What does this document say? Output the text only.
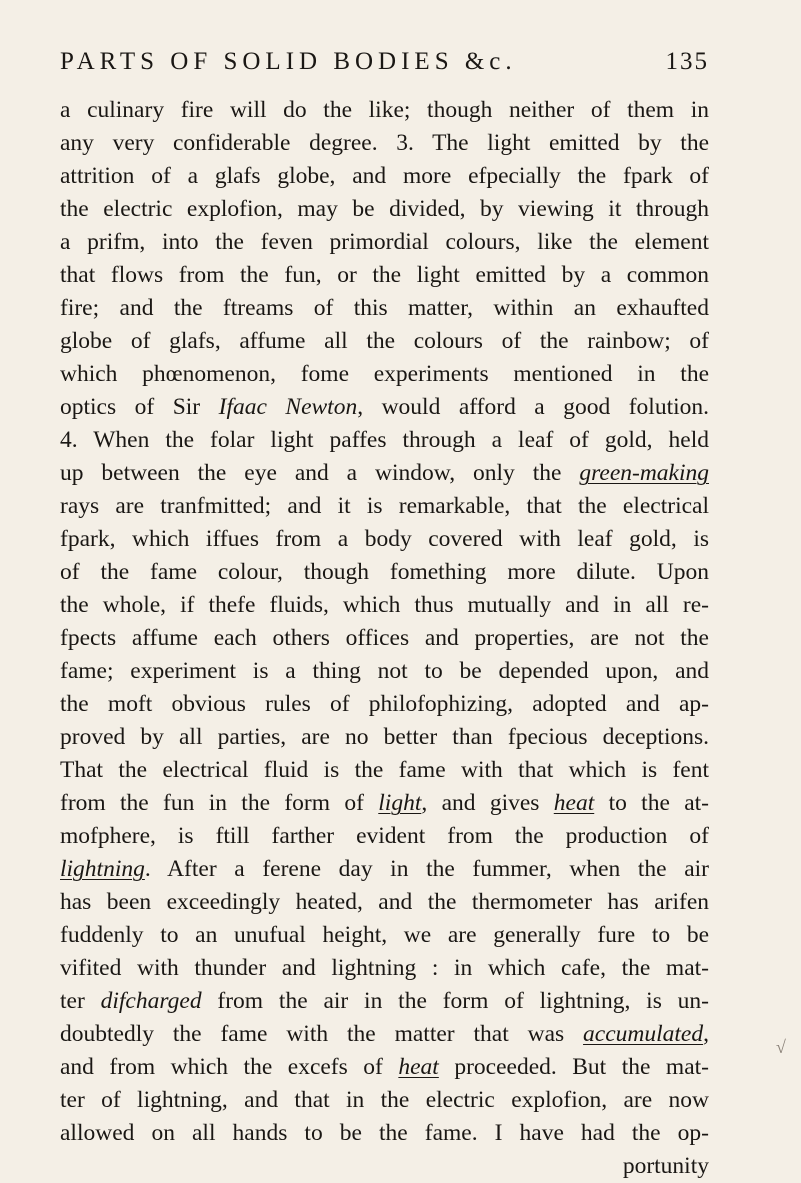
PARTS OF SOLID BODIES &c.	135
a culinary fire will do the like; though neither of them in
any very confiderable degree. 3. The light emitted by the
attrition of a glafs globe, and more efpecially the fpark of
the electric explofion, may be divided, by viewing it through
a prifm, into the feven primordial colours, like the element
that flows from the fun, or the light emitted by a common
fire; and the ftreams of this matter, within an exhaufted
globe of glafs, affume all the colours of the rainbow; of
which phœnomenon, fome experiments mentioned in the
optics of Sir Ifaac Newton, would afford a good folution.
4. When the folar light paffes through a leaf of gold, held
up between the eye and a window, only the green-making
rays are tranfmitted; and it is remarkable, that the electrical
fpark, which iffues from a body covered with leaf gold, is
of the fame colour, though fomething more dilute. Upon
the whole, if thefe fluids, which thus mutually and in all re-
fpects affume each others offices and properties, are not the
fame; experiment is a thing not to be depended upon, and
the moft obvious rules of philofophizing, adopted and ap-
proved by all parties, are no better than fpecious deceptions.
That the electrical fluid is the fame with that which is fent
from the fun in the form of light, and gives heat to the at-
mofphere, is ftill farther evident from the production of
lightning. After a ferene day in the fummer, when the air
has been exceedingly heated, and the thermometer has arifen
fuddenly to an unufual height, we are generally fure to be
vifited with thunder and lightning : in which cafe, the mat-
ter difcharged from the air in the form of lightning, is un-
doubtedly the fame with the matter that was accumulated,
and from which the excefs of heat proceeded. But the mat-
ter of lightning, and that in the electric explofion, are now
allowed on all hands to be the fame. I have had the op-
portunity
√
